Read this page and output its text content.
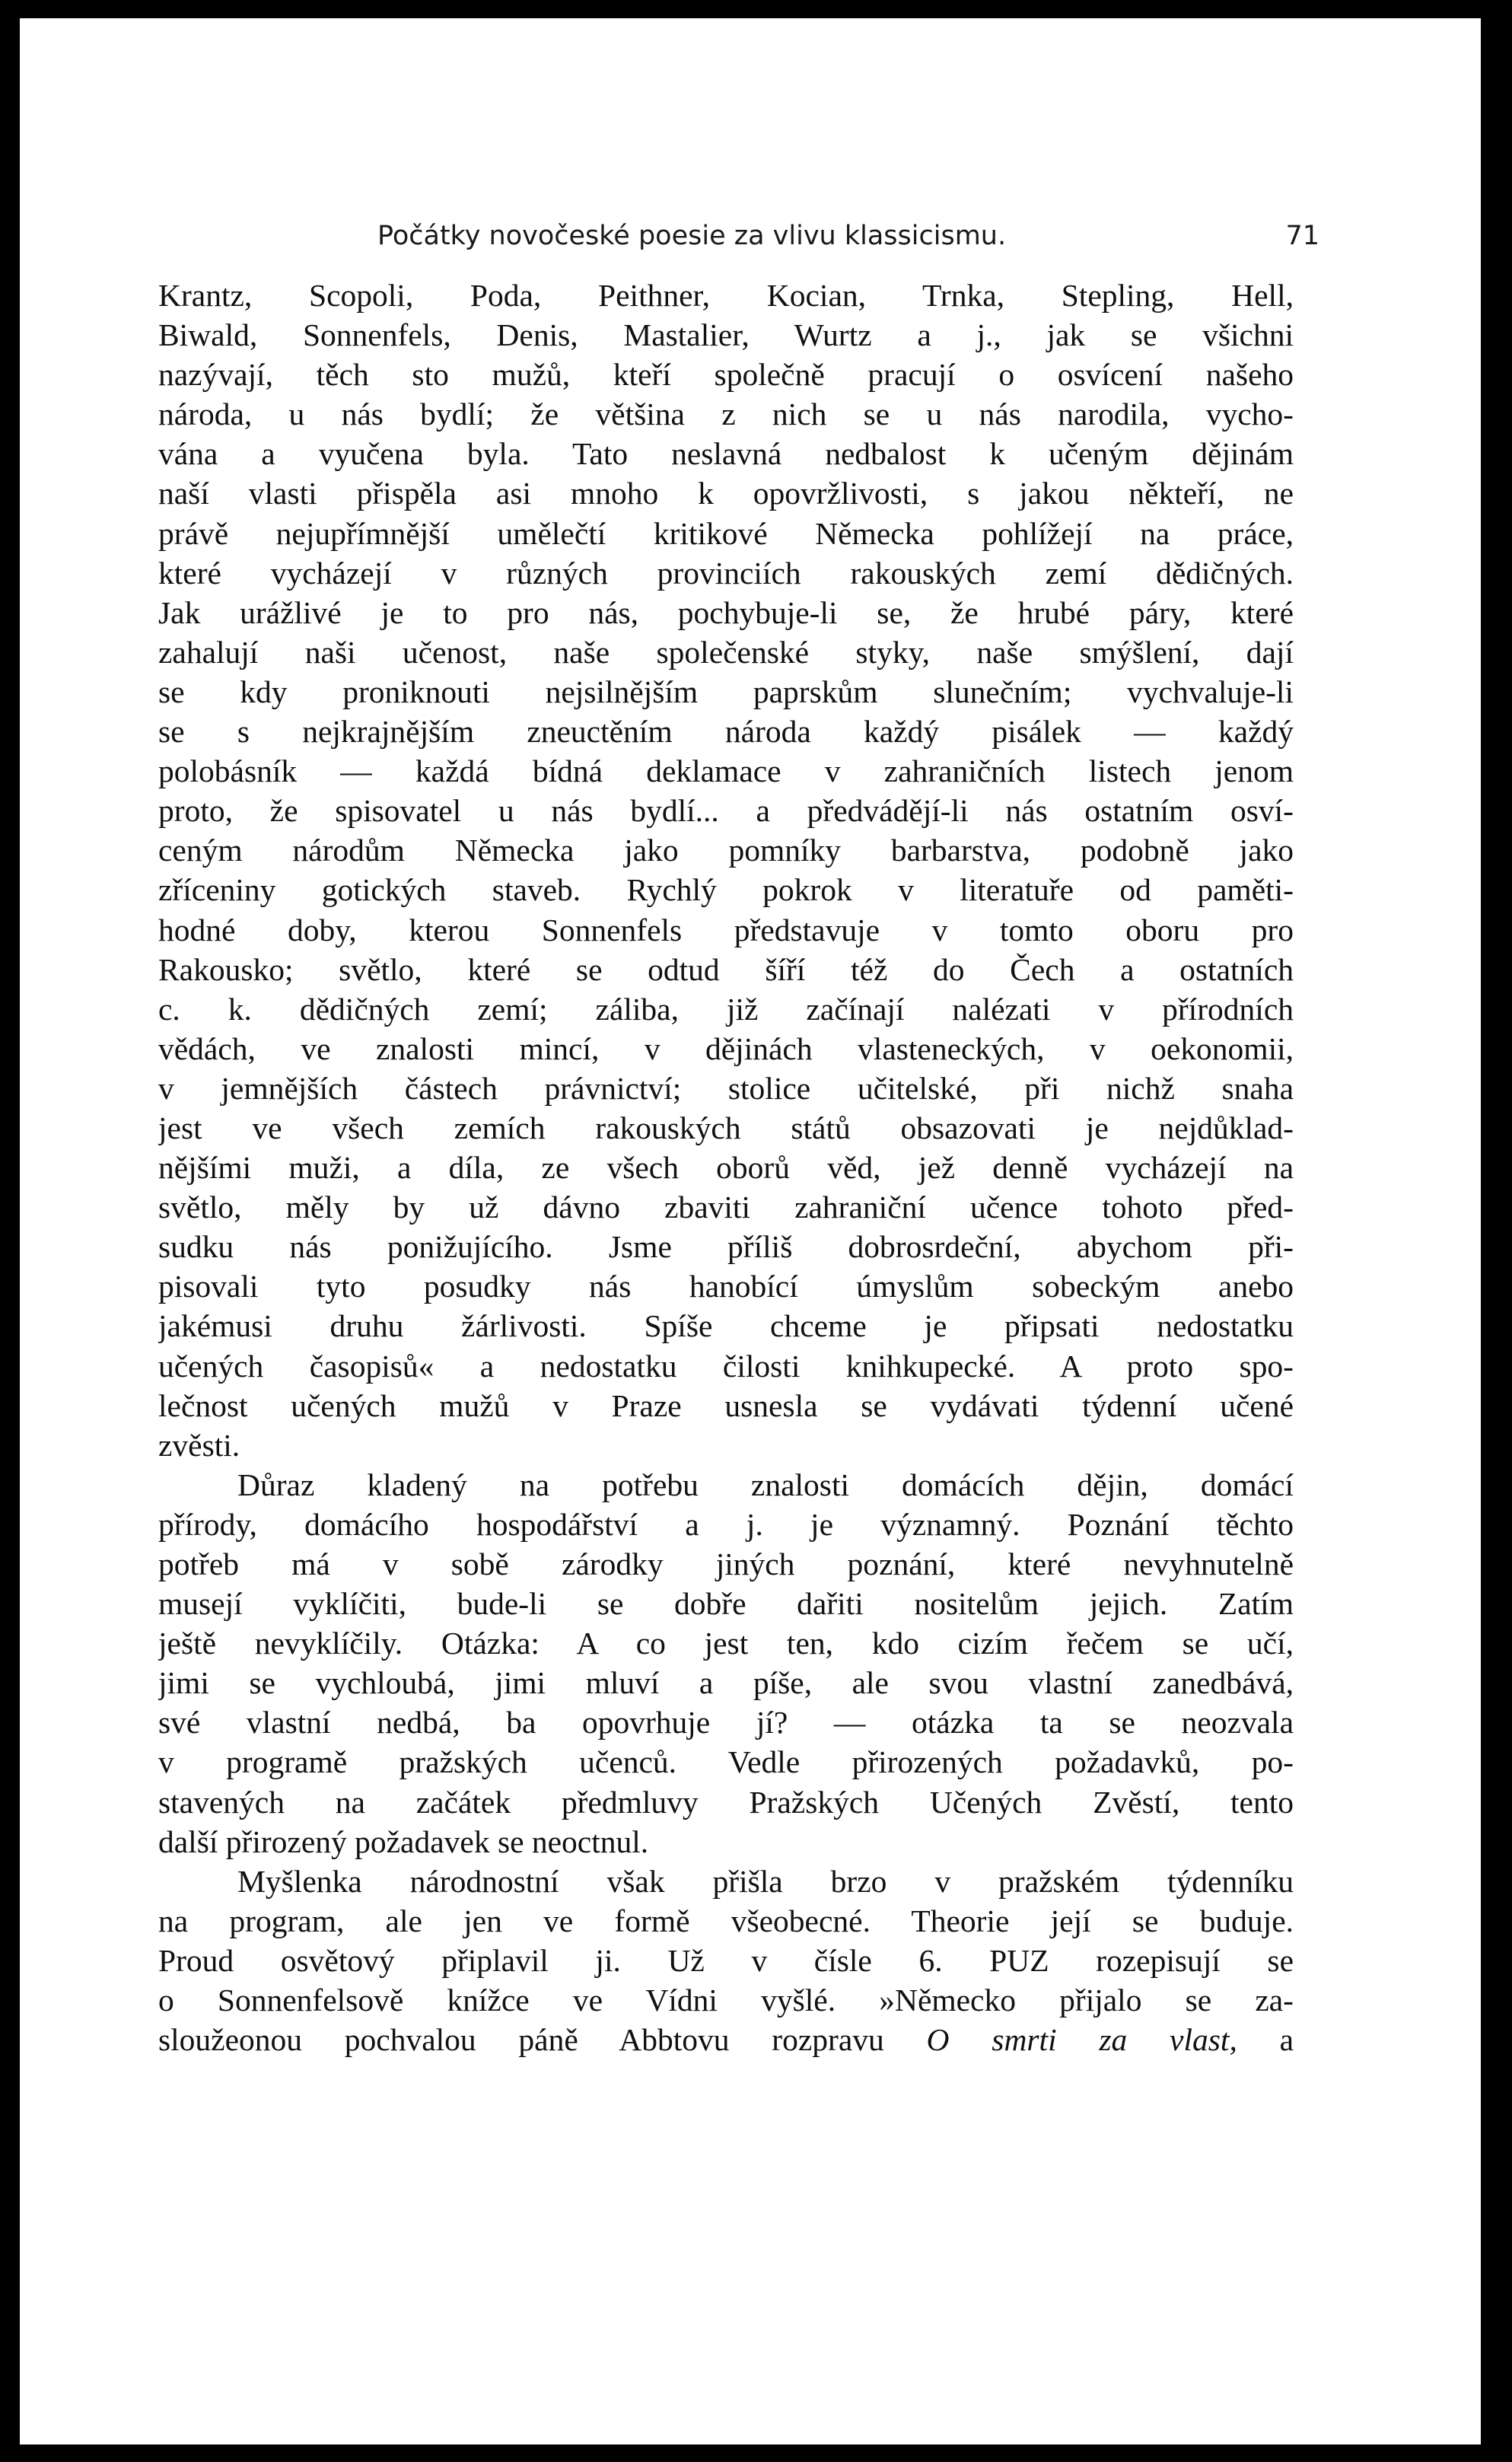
Počátky novočeské poesie za vlivu klassicismu.	71
Krantz, Scopoli, Poda, Peithner, Kocian, Trnka, Stepling, Hell,
Biwald, Sonnenfels, Denis, Mastalier, Wurtz a j., jak se všichni
nazývají, těch sto mužů, kteří společně pracují o osvícení našeho
národa, u nás bydlí; že většina z nich se u nás narodila, vycho-
vána a vyučena byla. Tato neslavná nedbalost k učeným dějinám
naší vlasti přispěla asi mnoho k opovržlivosti, s jakou někteří, ne
právě nejupřímnější umělečtí kritikové Německa pohlížejí na práce,
které vycházejí v různých provinciích rakouských zemí dědičných.
Jak urážlivé je to pro nás, pochybuje-li se, že hrubé páry, které
zahalují naši učenost, naše společenské styky, naše smýšlení, dají
se kdy proniknouti nejsilnějším paprskům slunečním; vychvaluje-li
se s nejkrajnějším zneuctěním národa každý pisálek — každý
polobásník — každá bídná deklamace v zahraničních listech jenom
proto, že spisovatel u nás bydlí... a předvádějí-li nás ostatním osví-
ceným národům Německa jako pomníky barbarstva, podobně jako
zříceniny gotických staveb. Rychlý pokrok v literatuře od paměti-
hodné doby, kterou Sonnenfels představuje v tomto oboru pro
Rakousko; světlo, které se odtud šíří též do Čech a ostatních
c. k. dědičných zemí; záliba, již začínají nalézati v přírodních
vědách, ve znalosti mincí, v dějinách vlasteneckých, v oekonomii,
v jemnějších částech právnictví; stolice učitelské, při nichž snaha
jest ve všech zemích rakouských států obsazovati je nejdůklad-
nějšími muži, a díla, ze všech oborů věd, jež denně vycházejí na
světlo, měly by už dávno zbaviti zahraniční učence tohoto před-
sudku nás ponižujícího. Jsme příliš dobrosrdeční, abychom při-
pisovali tyto posudky nás hanobící úmyslům sobeckým anebo
jakémusi druhu žárlivosti. Spíše chceme je připsati nedostatku
učených časopisů« a nedostatku čilosti knihkupecké. A proto spo-
lečnost učených mužů v Praze usnesla se vydávati týdenní učené
zvěsti.
Důraz kladený na potřebu znalosti domácích dějin, domácí
přírody, domácího hospodářství a j. je významný. Poznání těchto
potřeb má v sobě zárodky jiných poznání, které nevyhnutelně
musejí vyklíčiti, bude-li se dobře dařiti nositelům jejich. Zatím
ještě nevyklíčily. Otázka: A co jest ten, kdo cizím řečem se učí,
jimi se vychloubá, jimi mluví a píše, ale svou vlastní zanedbává,
své vlastní nedbá, ba opovrhuje jí? — otázka ta se neozvala
v programě pražských učenců. Vedle přirozených požadavků, po-
stavených na začátek předmluvy Pražských Učených Zvěstí, tento
další přirozený požadavek se neoctnul.
Myšlenka národnostní však přišla brzo v pražském týdenníku
na program, ale jen ve formě všeobecné. Theorie její se buduje.
Proud osvětový připlavil ji. Už v čísle 6. PUZ rozepisují se
o Sonnenfelsově knížce ve Vídni vyšlé. »Německo přijalo se za-
sloužeonou pochvalou páně Abbtovu rozpravu O smrti za vlast, a
